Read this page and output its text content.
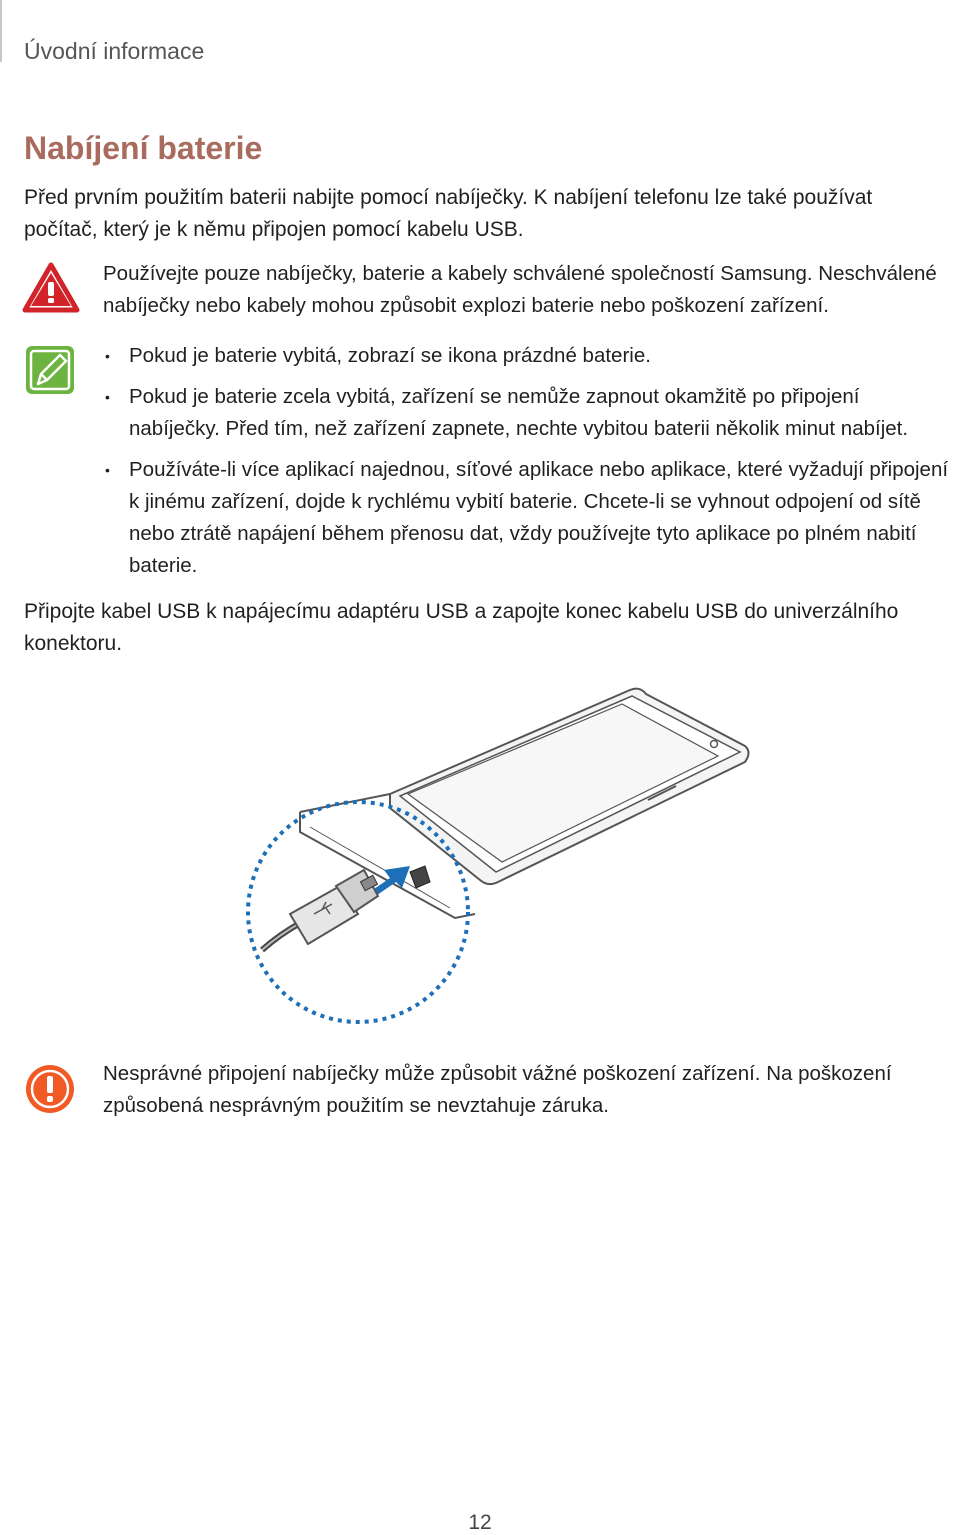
Úvodní informace
Nabíjení baterie
Před prvním použitím baterii nabijte pomocí nabíječky. K nabíjení telefonu lze také používat počítač, který je k němu připojen pomocí kabelu USB.
Používejte pouze nabíječky, baterie a kabely schválené společností Samsung. Neschválené nabíječky nebo kabely mohou způsobit explozi baterie nebo poškození zařízení.
• Pokud je baterie vybitá, zobrazí se ikona prázdné baterie.
• Pokud je baterie zcela vybitá, zařízení se nemůže zapnout okamžitě po připojení nabíječky. Před tím, než zařízení zapnete, nechte vybitou baterii několik minut nabíjet.
• Používáte-li více aplikací najednou, síťové aplikace nebo aplikace, které vyžadují připojení k jinému zařízení, dojde k rychlému vybití baterie. Chcete-li se vyhnout odpojení od sítě nebo ztrátě napájení během přenosu dat, vždy používejte tyto aplikace po plném nabití baterie.
Připojte kabel USB k napájecímu adaptéru USB a zapojte konec kabelu USB do univerzálního konektoru.
Nesprávné připojení nabíječky může způsobit vážné poškození zařízení. Na poškození způsobená nesprávným použitím se nevztahuje záruka.
12
